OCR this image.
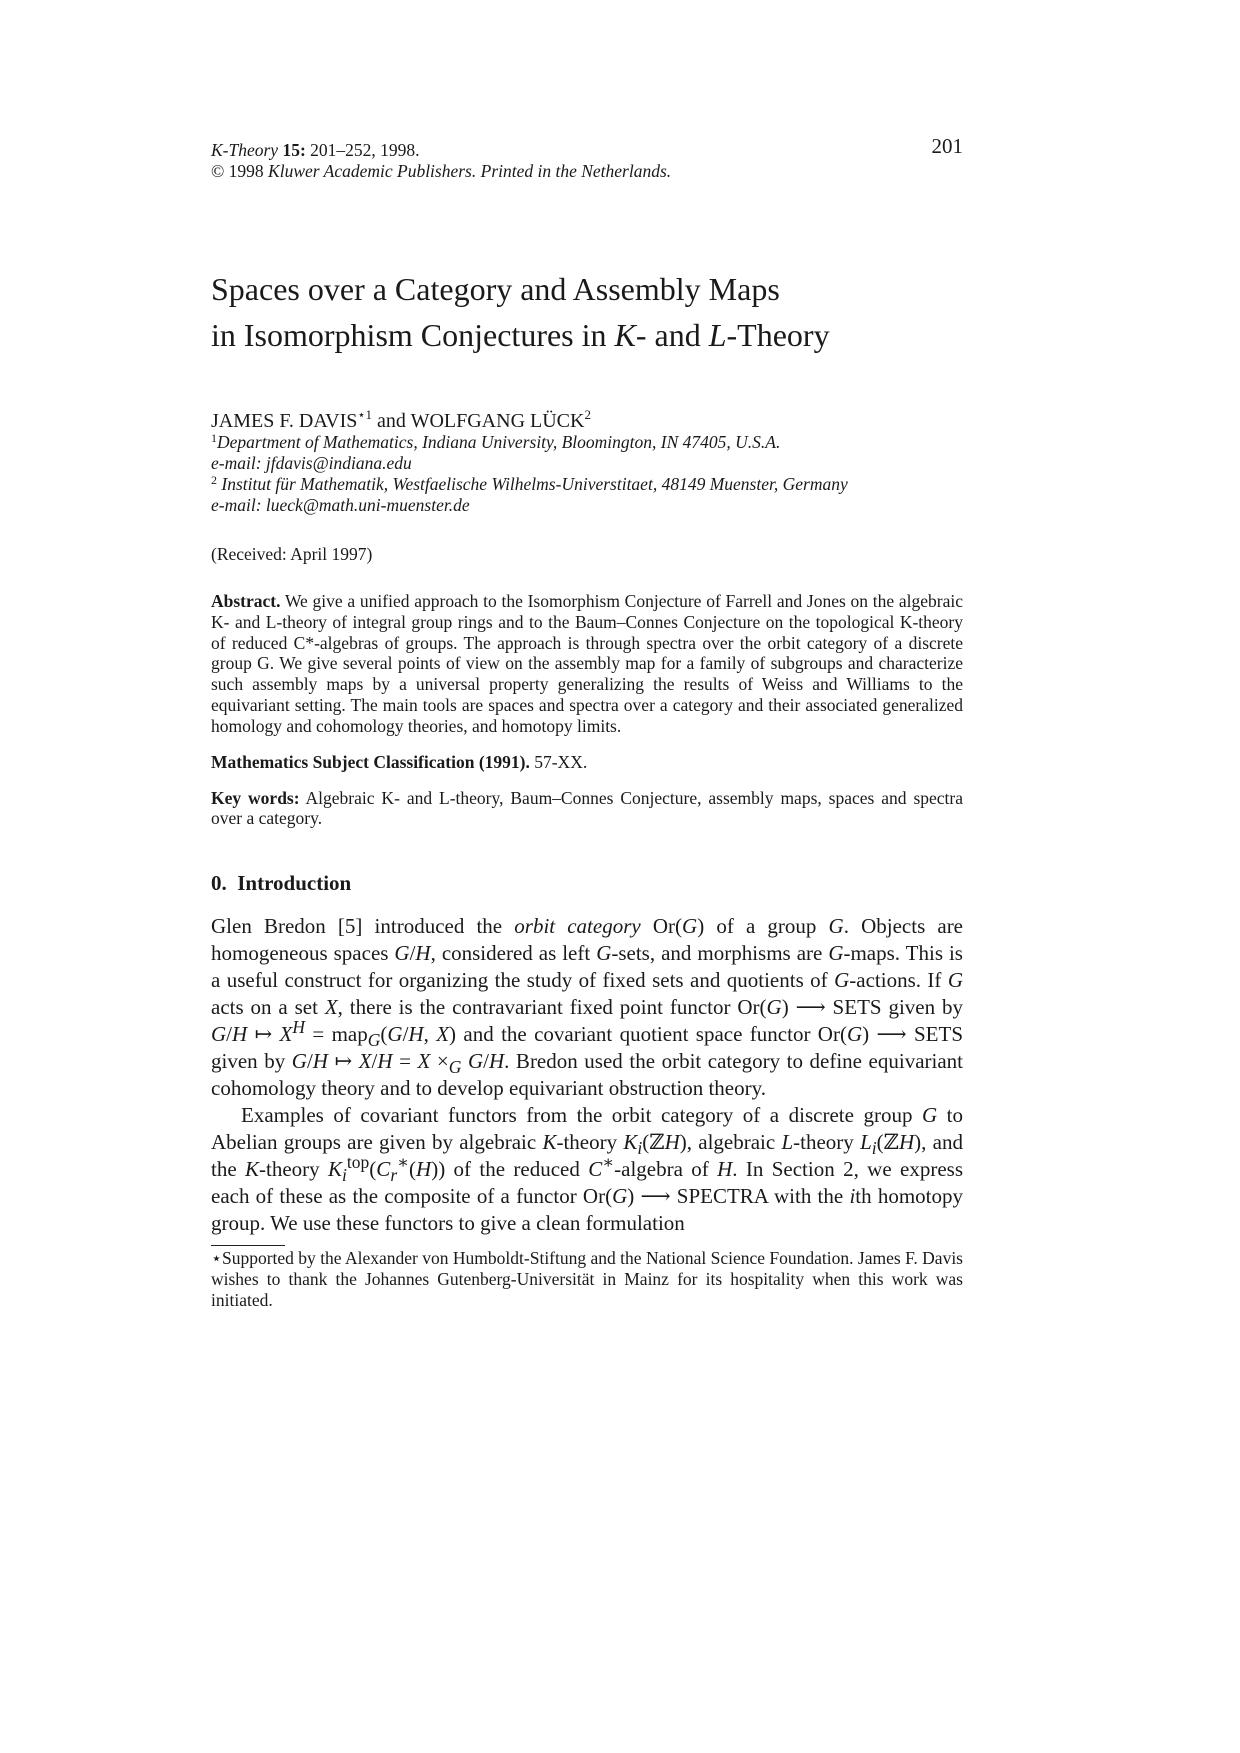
K-Theory 15: 201–252, 1998.
© 1998 Kluwer Academic Publishers. Printed in the Netherlands.
201
Spaces over a Category and Assembly Maps
in Isomorphism Conjectures in K- and L-Theory
JAMES F. $DAVIS^{⋆1}$ and WOLFGANG LÜCK$^2$
$^1$Department of Mathematics, Indiana University, Bloomington, IN 47405, U.S.A.
e-mail: jfdavis@indiana.edu
$^2$ Institut für Mathematik, Westfaelische Wilhelms-Universtitaet, 48149 Muenster, Germany
e-mail: lueck@math.uni-muenster.de
(Received: April 1997)
Abstract. We give a unified approach to the Isomorphism Conjecture of Farrell and Jones on the algebraic K- and L-theory of integral group rings and to the Baum–Connes Conjecture on the topological K-theory of reduced C*-algebras of groups. The approach is through spectra over the orbit category of a discrete group G. We give several points of view on the assembly map for a family of subgroups and characterize such assembly maps by a universal property generalizing the results of Weiss and Williams to the equivariant setting. The main tools are spaces and spectra over a category and their associated generalized homology and cohomology theories, and homotopy limits.
Mathematics Subject Classification (1991). 57-XX.
Key words: Algebraic K- and L-theory, Baum–Connes Conjecture, assembly maps, spaces and spectra over a category.
0. Introduction

Glen Bredon [5] introduced the orbit category Or(G) of a group G. Objects are homogeneous spaces G/H, considered as left G-sets, and morphisms are G-maps. This is a useful construct for organizing the study of fixed sets and quotients of G-actions. If G acts on a set X, there is the contravariant fixed point functor Or(G) ⟶ SETS given by G/H ↦ $X^H = map_G(G/H$, X) and the covariant quotient space functor Or(G) ⟶ SETS given by G/H ↦ $X/H = X \times_G$ G/H. Bredon used the orbit category to define equivariant cohomology theory and to develop equivariant obstruction theory.

Examples of covariant functors from the orbit category of a discrete group G to Abelian groups are given by algebraic K-theory $K_i(ℤH)$, algebraic L-theory $L_i(ℤH)$, and the K-theory $K_i^{top}(C_r^∗(H))$ of the reduced C∗-algebra of H. In Section 2, we express each of these as the composite of a functor Or(G) ⟶ SPECTRA with the ith homotopy group. We use these functors to give a clean formulation

⋆Supported by the Alexander von Humboldt-Stiftung and the National Science Foundation. James F. Davis wishes to thank the Johannes Gutenberg-Universität in Mainz for its hospitality when this work was initiated.
